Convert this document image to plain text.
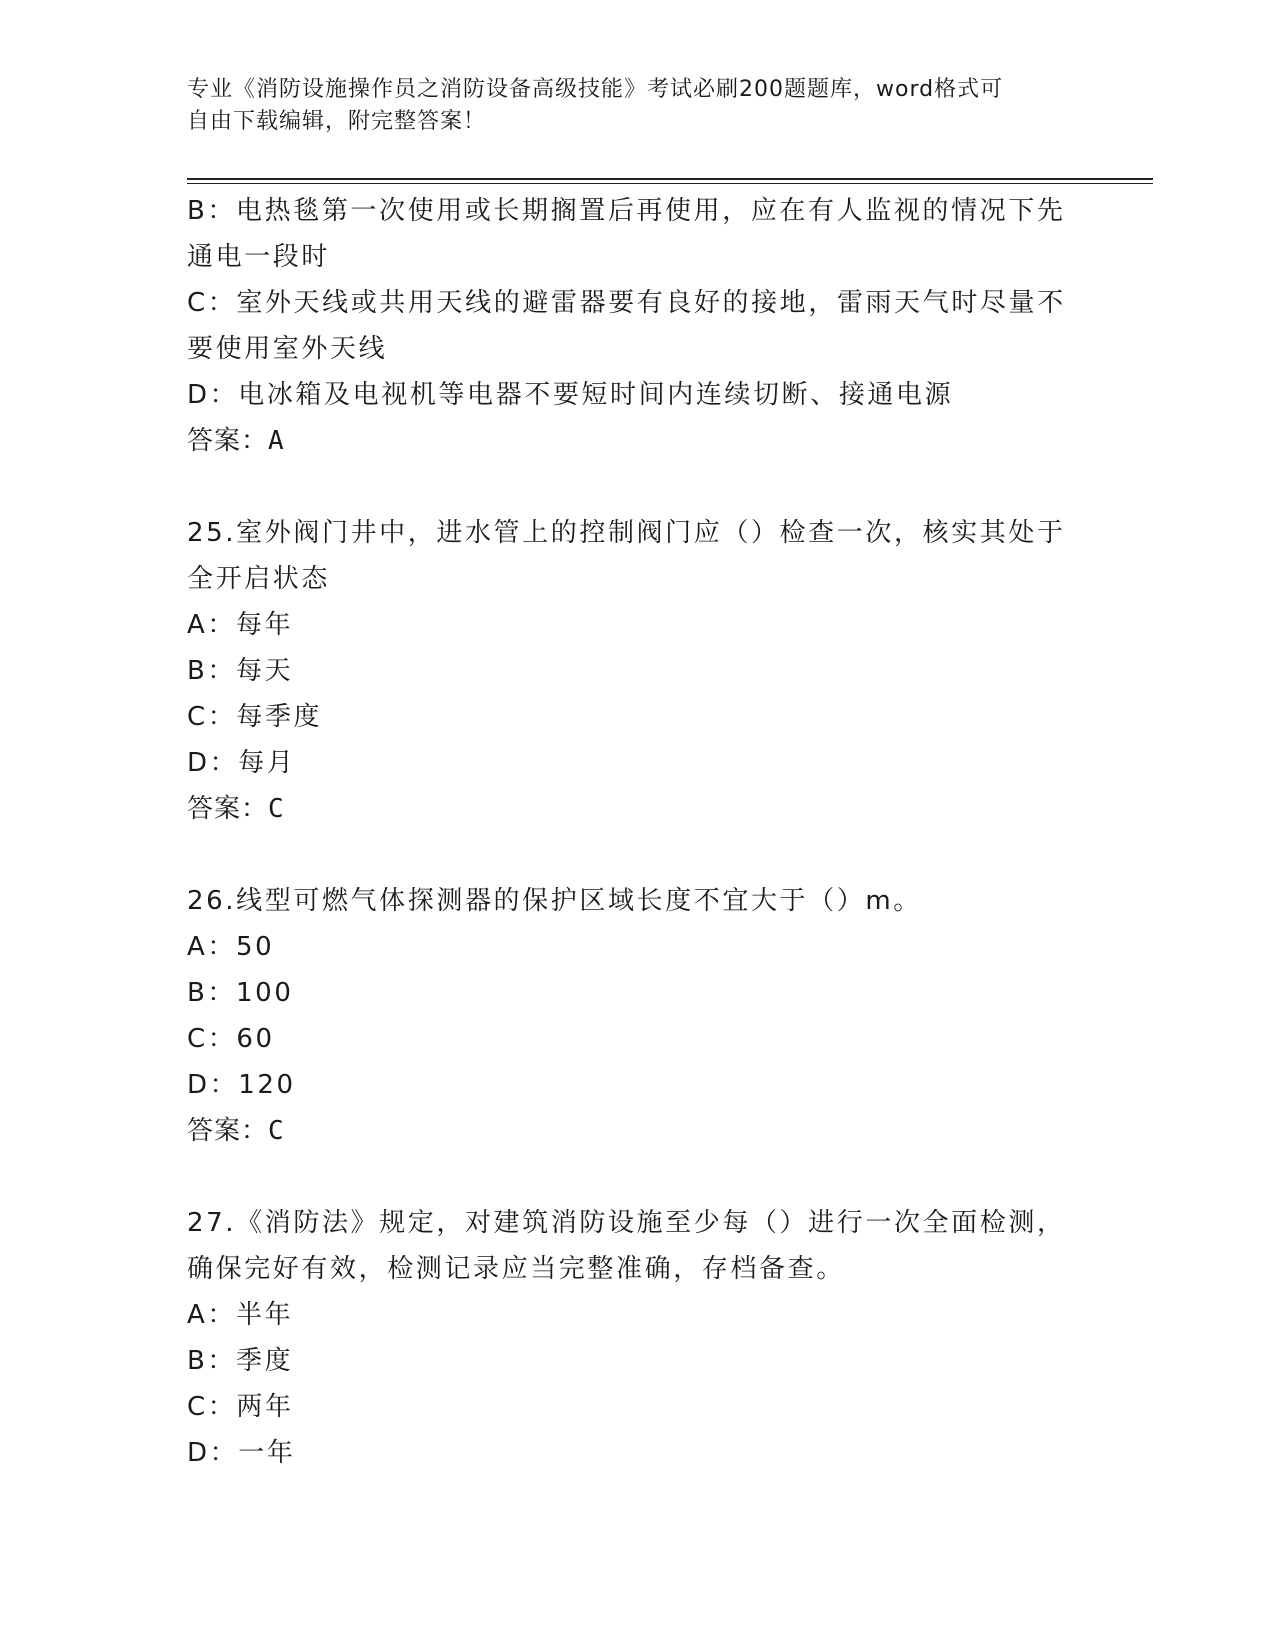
专业《消防设施操作员之消防设备高级技能》考试必刷200题题库，word格式可
自由下载编辑，附完整答案！
B：电热毯第一次使用或长期搁置后再使用，应在有人监视的情况下先
通电一段时
C：室外天线或共用天线的避雷器要有良好的接地，雷雨天气时尽量不
要使用室外天线
D：电冰箱及电视机等电器不要短时间内连续切断、接通电源
答案：A
25.室外阀门井中，进水管上的控制阀门应（）检查一次，核实其处于
全开启状态
A：每年
B：每天
C：每季度
D：每月
答案：C
26.线型可燃气体探测器的保护区域长度不宜大于（）m。
A：50
B：100
C：60
D：120
答案：C
27.《消防法》规定，对建筑消防设施至少每（）进行一次全面检测，
确保完好有效，检测记录应当完整准确，存档备查。
A：半年
B：季度
C：两年
D：一年
